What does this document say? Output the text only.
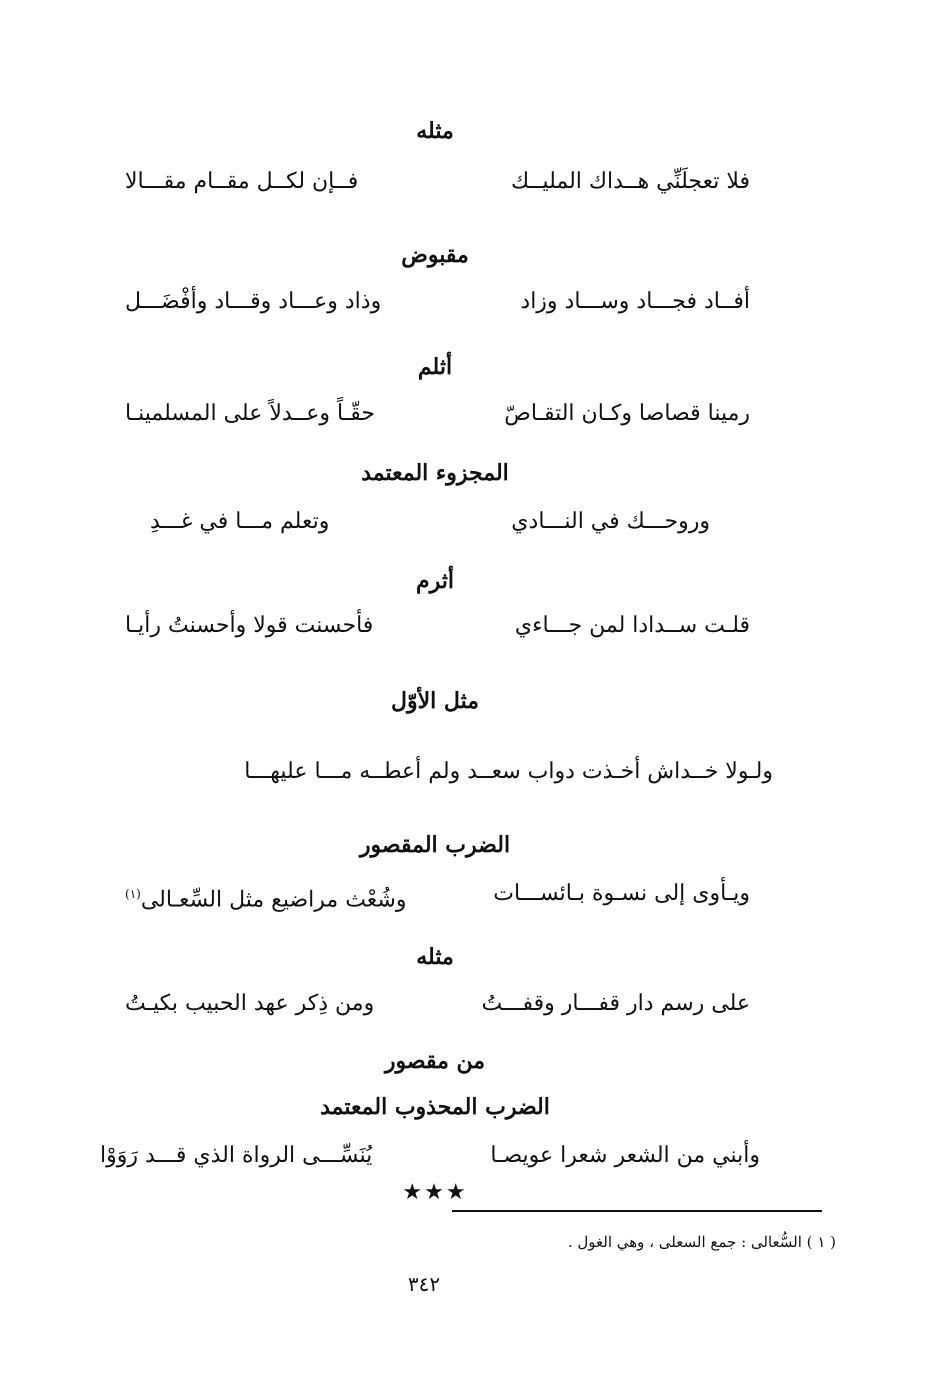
مثله
فلا تعجلَنِّي هــداك المليــك
فــإن لكــل مقــام مقـــالا
مقبوض
أفــاد فجـــاد وســـاد وزاد
وذاد وعـــاد وقـــاد وأفْضَـــل
أثلم
رمينا قصاصا وكـان التقـاصّ
حقّـاً وعــدلاً على المسلمينـا
المجزوء المعتمد
وروحـــك في النـــادي
وتعلم مـــا في غـــدِ
أثرم
قلـت ســدادا لمن جـــاءي
فأحسنت قولا وأحسنتُ رأيـا
مثل الأوّل
ولـولا خــداش أخـذت دواب سعــد ولم أعطــه مـــا عليهـــا
الضرب المقصور
ويـأوى إلى نسـوة بـائســـات
وشُعْث مراضيع مثل السِّعـالى$^{(١)}$
مثله
على رسم دار قفـــار وقفـــتُ
ومن ذِكر عهد الحبيب بكيـتُ
من مقصور
الضرب المحذوب المعتمد
وأبني من الشعر شعرا عويصـا
يُنَسِّـــى الرواة الذي قـــد رَوَوْا
★★★
( ١ ) السُّعالى : جمع السعلى ، وهي الغول .
٣٤٢
